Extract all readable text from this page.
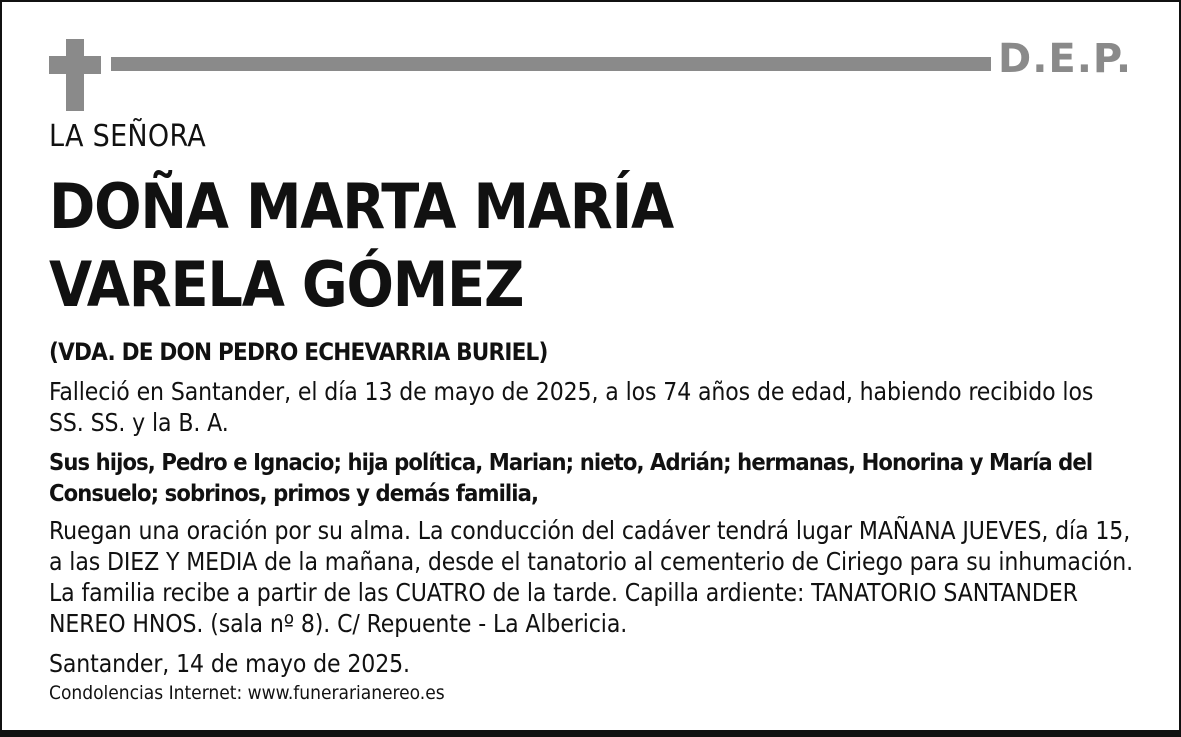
D.E.P.
LA SEÑORA
DOÑA MARTA MARÍA
VARELA GÓMEZ
(VDA. DE DON PEDRO ECHEVARRIA BURIEL)
Falleció en Santander, el día 13 de mayo de 2025, a los 74 años de edad, habiendo recibido los
SS. SS. y la B. A.
Sus hijos, Pedro e Ignacio; hija política, Marian; nieto, Adrián; hermanas, Honorina y María del
Consuelo; sobrinos, primos y demás familia,
Ruegan una oración por su alma. La conducción del cadáver tendrá lugar MAÑANA JUEVES, día 15,
a las DIEZ Y MEDIA de la mañana, desde el tanatorio al cementerio de Ciriego para su inhumación.
La familia recibe a partir de las CUATRO de la tarde. Capilla ardiente: TANATORIO SANTANDER
NEREO HNOS. (sala nº 8). C/ Repuente - La Albericia.
Santander, 14 de mayo de 2025.
Condolencias Internet: www.funerarianereo.es
